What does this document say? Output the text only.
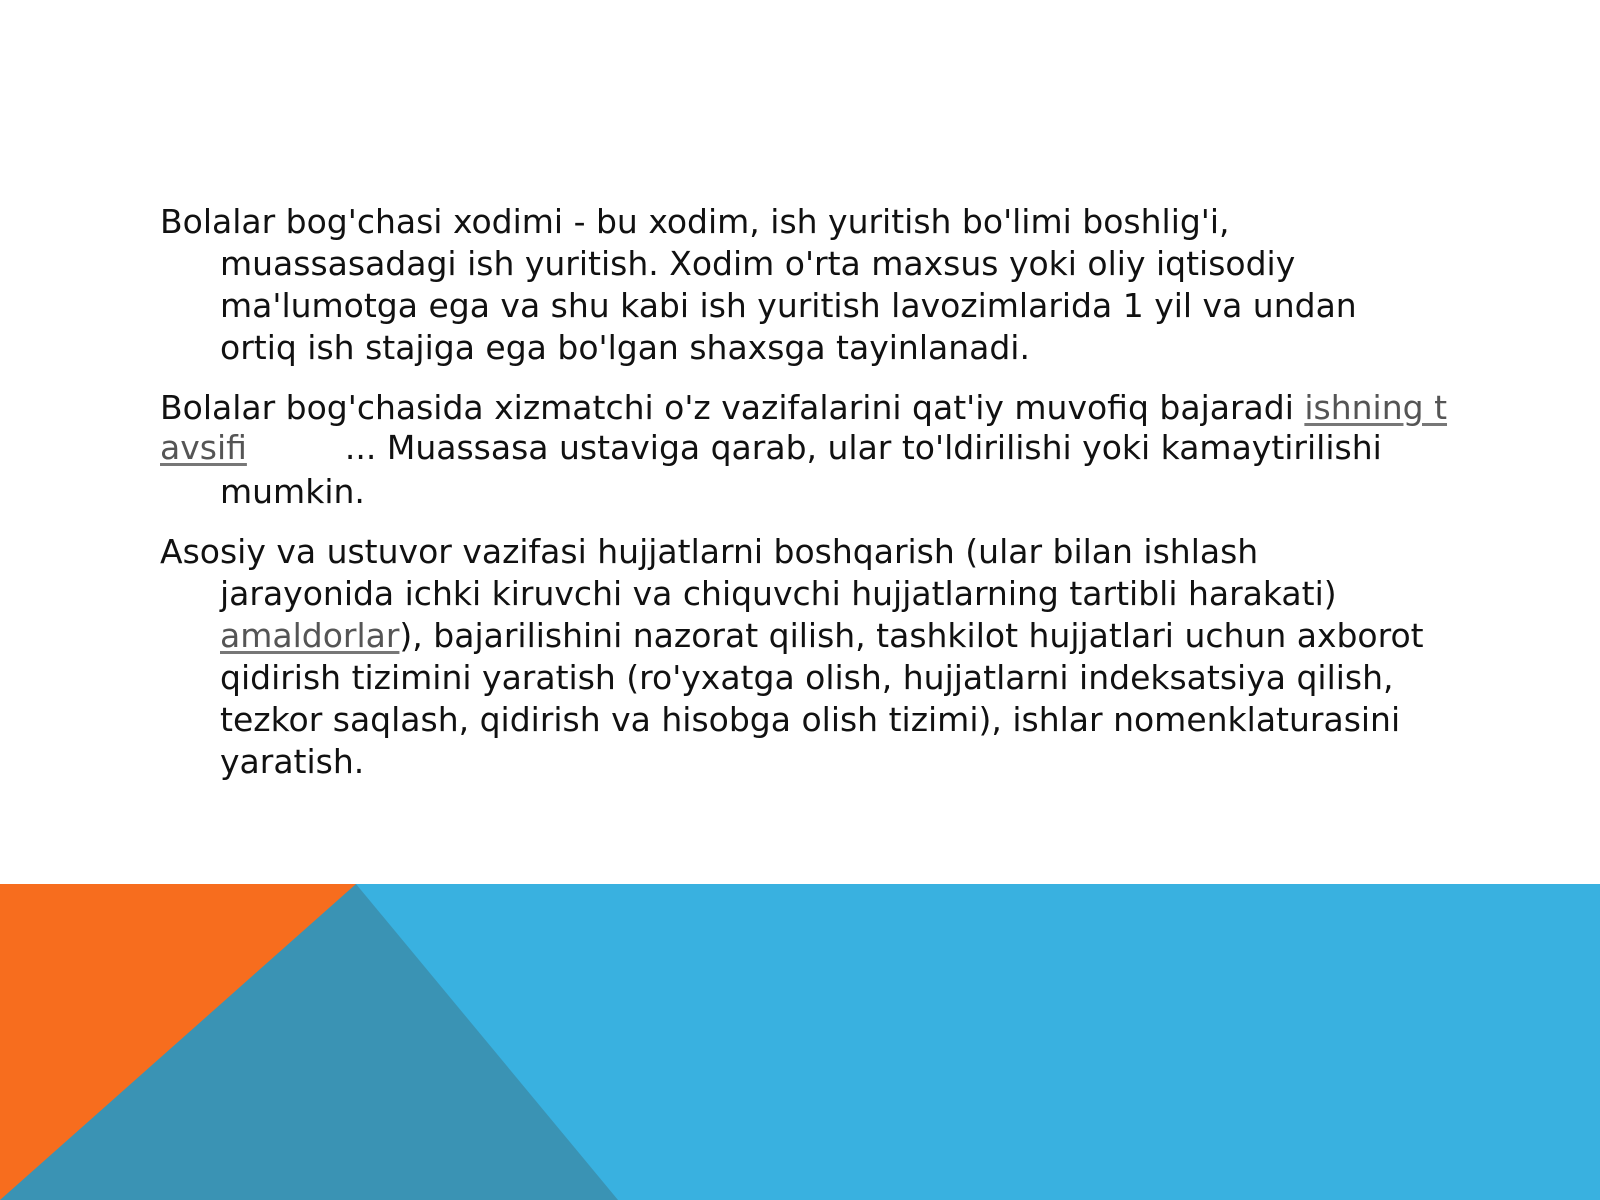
Bolalar bog'chasi xodimi - bu xodim, ish yuritish bo'limi boshlig'i, muassasadagi ish yuritish. Xodim o'rta maxsus yoki oliy iqtisodiy ma'lumotga ega va shu kabi ish yuritish lavozimlarida 1 yil va undan ortiq ish stajiga ega bo'lgan shaxsga tayinlanadi.

Bolalar bog'chasida xizmatchi o'z vazifalarini qat'iy muvofiq bajaradi ishning t
avsifi	... Muassasa ustaviga qarab, ular to'ldirilishi yoki kamaytirilishi
mumkin.

Asosiy va ustuvor vazifasi hujjatlarni boshqarish (ular bilan ishlash jarayonida ichki kiruvchi va chiquvchi hujjatlarning tartibli harakati) amaldorlar), bajarilishini nazorat qilish, tashkilot hujjatlari uchun axborot qidirish tizimini yaratish (ro'yxatga olish, hujjatlarni indeksatsiya qilish, tezkor saqlash, qidirish va hisobga olish tizimi), ishlar nomenklaturasini yaratish.
